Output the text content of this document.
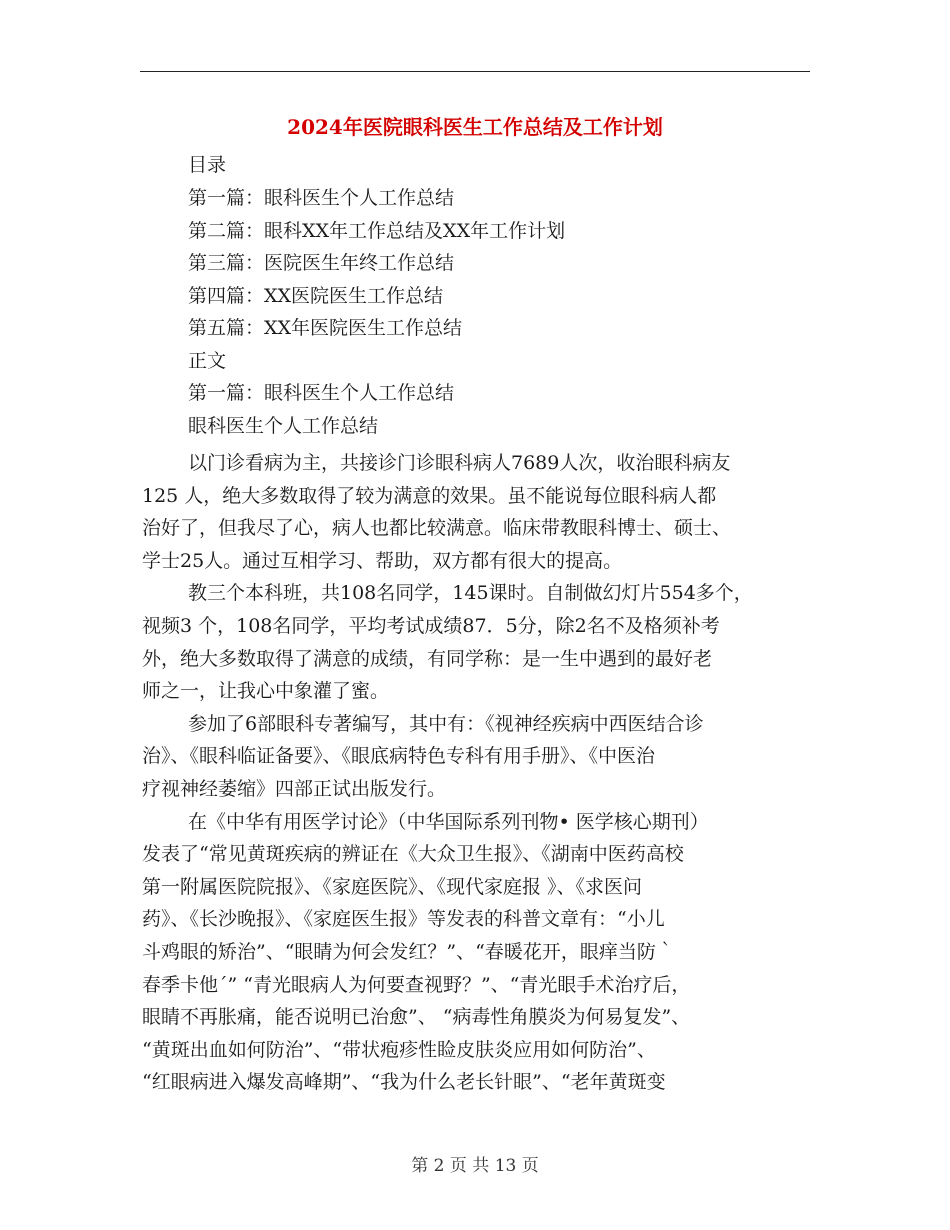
2024年医院眼科医生工作总结及工作计划
目录
第一篇：眼科医生个人工作总结
第二篇：眼科XX年工作总结及XX年工作计划
第三篇：医院医生年终工作总结
第四篇：XX医院医生工作总结
第五篇：XX年医院医生工作总结
正文
第一篇：眼科医生个人工作总结
眼科医生个人工作总结

以门诊看病为主，共接诊门诊眼科病人7689人次，收治眼科病友
125 人，绝大多数取得了较为满意的效果。虽不能说每位眼科病人都
治好了，但我尽了心，病人也都比较满意。临床带教眼科博士、硕士、
学士25人。通过互相学习、帮助，双方都有很大的提高。

教三个本科班，共108名同学，145课时。自制做幻灯片554多个，
视频3 个，108名同学，平均考试成绩87．5分，除2名不及格须补考
外，绝大多数取得了满意的成绩，有同学称：是一生中遇到的最好老
师之一，让我心中象灌了蜜。

参加了6部眼科专著编写，其中有：《视神经疾病中西医结合诊
治》、《眼科临证备要》、《眼底病特色专科有用手册》、《中医治
疗视神经萎缩》四部正试出版发行。

在《中华有用医学讨论》（中华国际系列刊物• 医学核心期刊）
发表了“常见黄斑疾病的辨证在《大众卫生报》、《湖南中医药高校
第一附属医院院报》、《家庭医院》、《现代家庭报 》、《求医问
药》、《长沙晚报》、《家庭医生报》等发表的科普文章有：“小儿
斗鸡眼的矫治”、“眼睛为何会发红？”、“春暖花开，眼痒当防｀
春季卡他´” “青光眼病人为何要查视野？”、“青光眼手术治疗后，
眼睛不再胀痛，能否说明已治愈”、 “病毒性角膜炎为何易复发”、
“黄斑出血如何防治”、“带状疱疹性睑皮肤炎应用如何防治”、
“红眼病进入爆发高峰期”、“我为什么老长针眼”、“老年黄斑变

第 2 页 共 13 页
